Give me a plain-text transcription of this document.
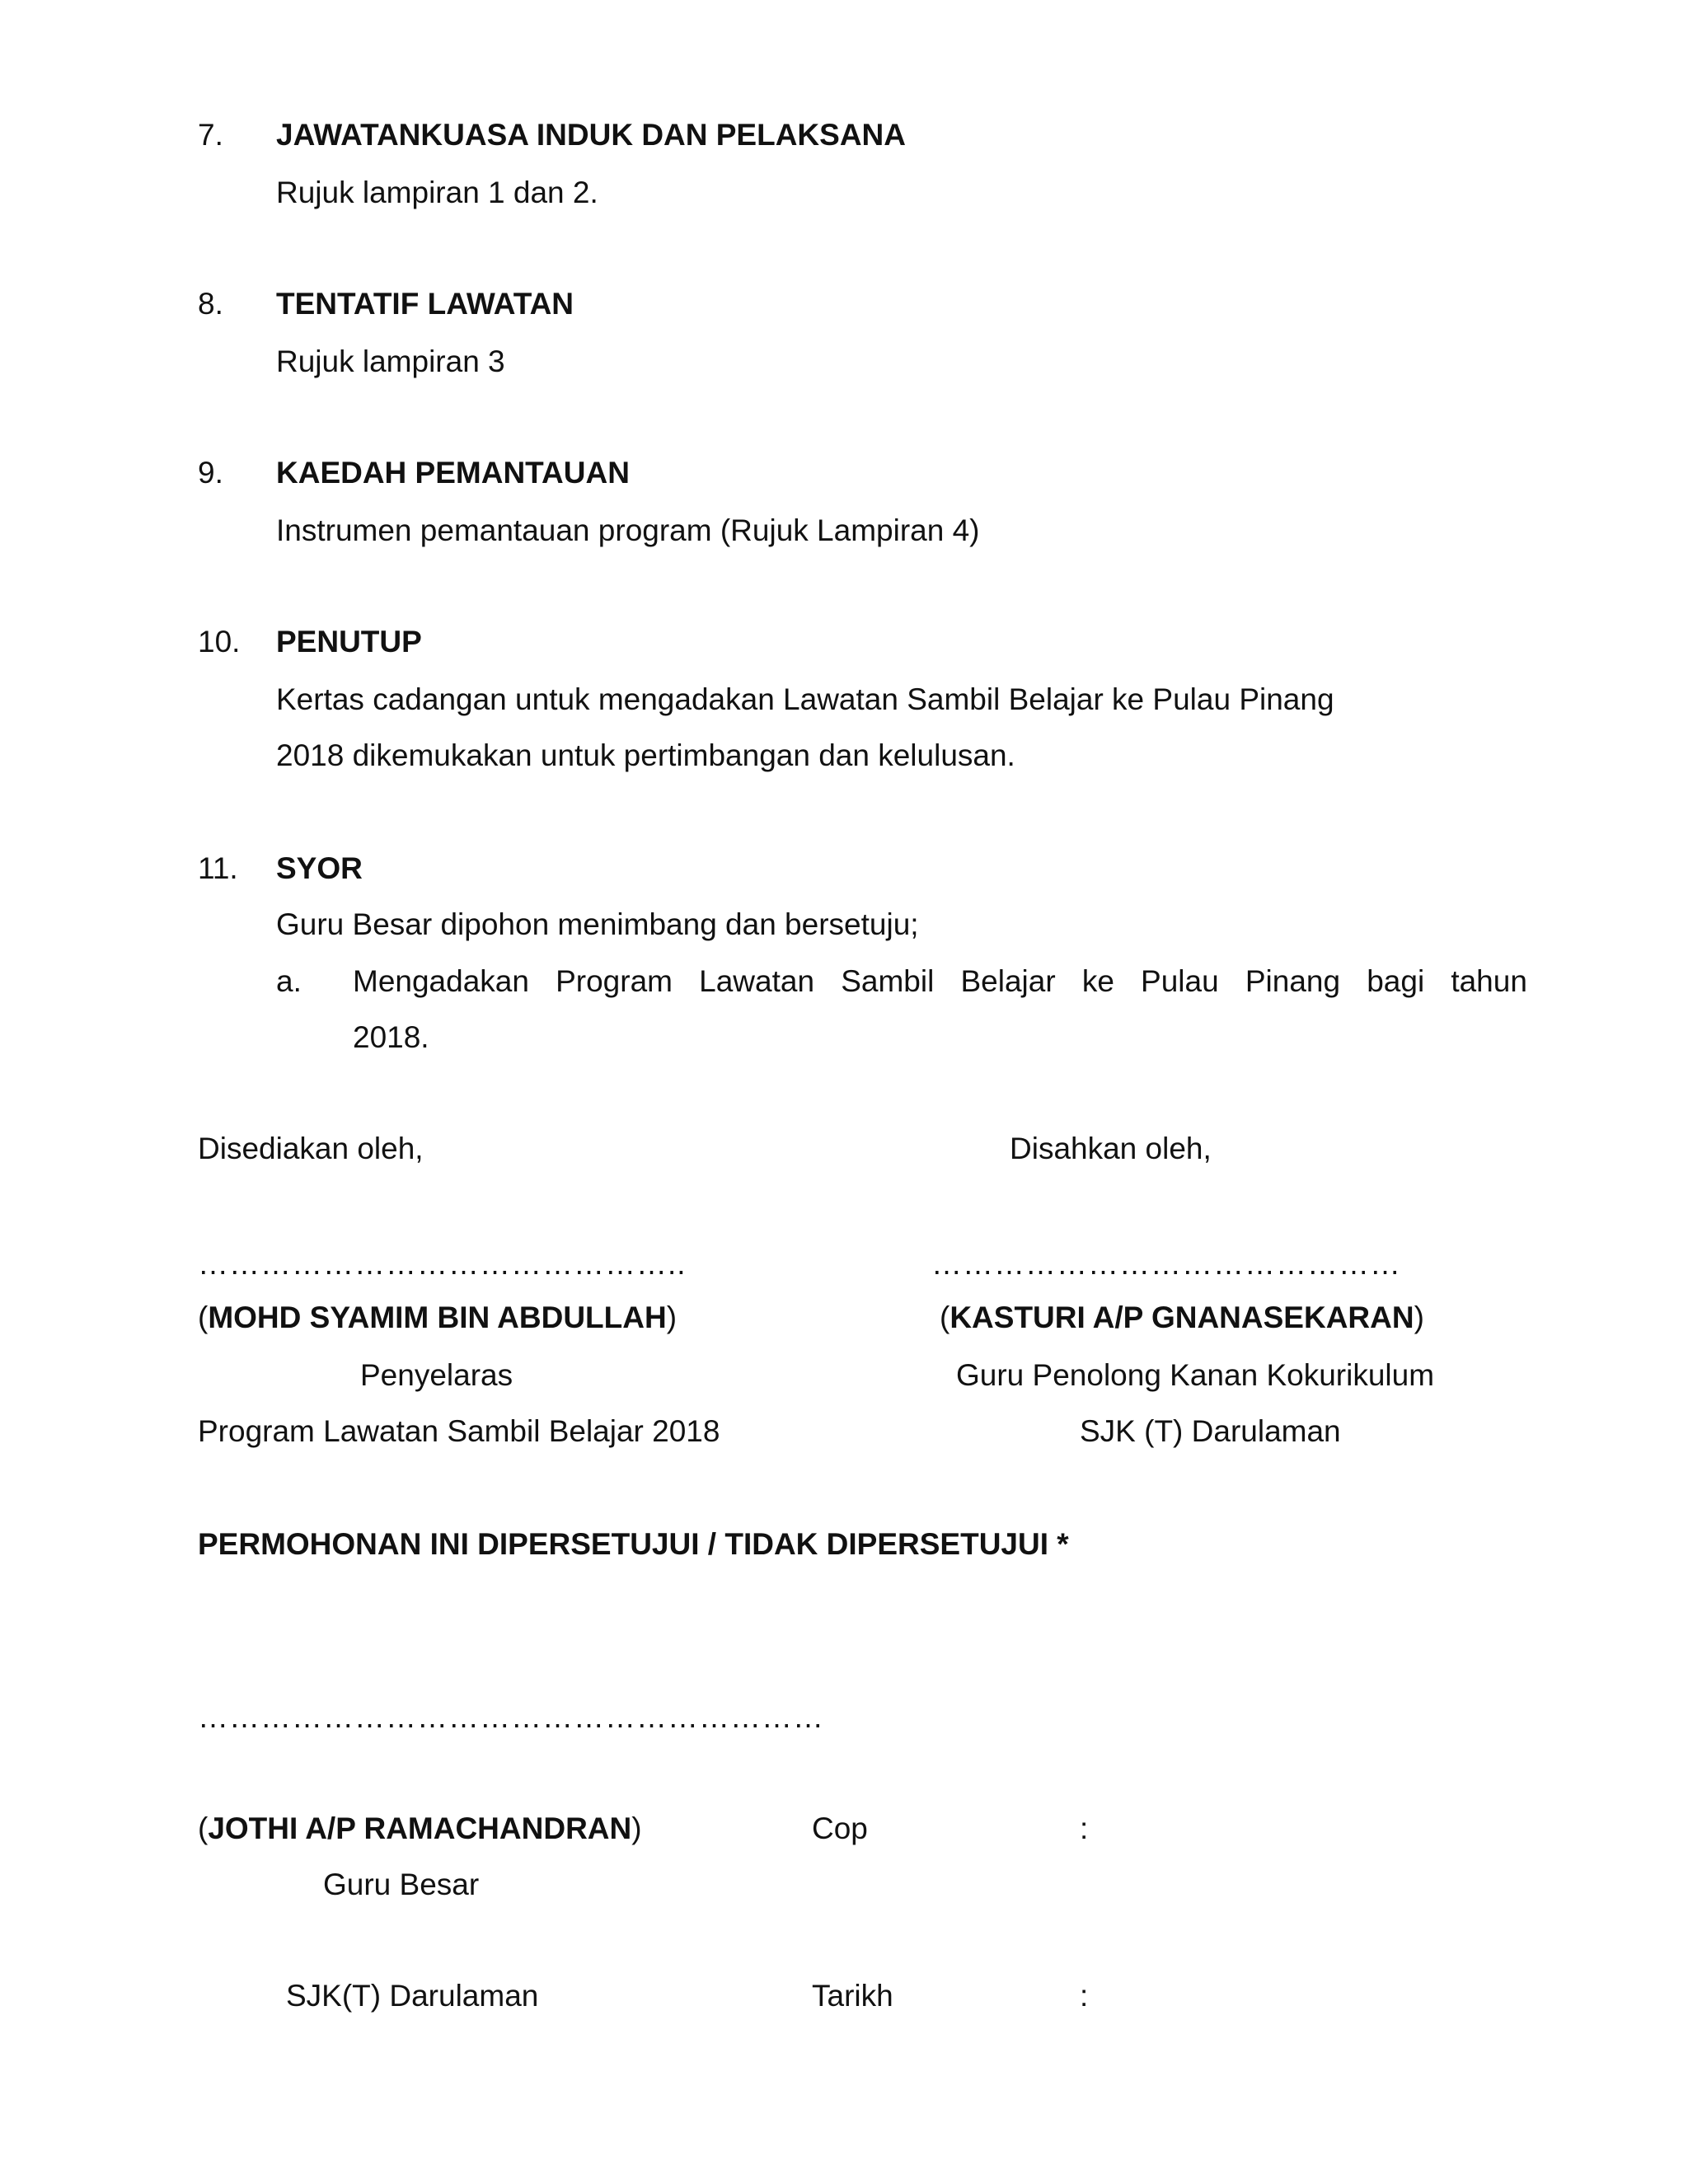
7. JAWATANKUASA INDUK DAN PELAKSANA
Rujuk lampiran 1 dan 2.
8. TENTATIF LAWATAN
Rujuk lampiran 3
9. KAEDAH PEMANTAUAN
Instrumen pemantauan program (Rujuk Lampiran 4)
10. PENUTUP
Kertas cadangan untuk mengadakan Lawatan Sambil Belajar ke Pulau Pinang
2018 dikemukakan untuk pertimbangan dan kelulusan.
11. SYOR
Guru Besar dipohon menimbang dan bersetuju;
a. Mengadakan Program Lawatan Sambil Belajar ke Pulau Pinang bagi tahun
2018.
Disediakan oleh,	Disahkan oleh,
………………………………………..	………………………………………
(MOHD SYAMIM BIN ABDULLAH)	(KASTURI A/P GNANASEKARAN)
Penyelaras	Guru Penolong Kanan Kokurikulum
Program Lawatan Sambil Belajar 2018	SJK (T) Darulaman
PERMOHONAN INI DIPERSETUJUI / TIDAK DIPERSETUJUI *
……………………………………………………
(JOTHI A/P RAMACHANDRAN)	Cop	:
Guru Besar
SJK(T) Darulaman	Tarikh	:
